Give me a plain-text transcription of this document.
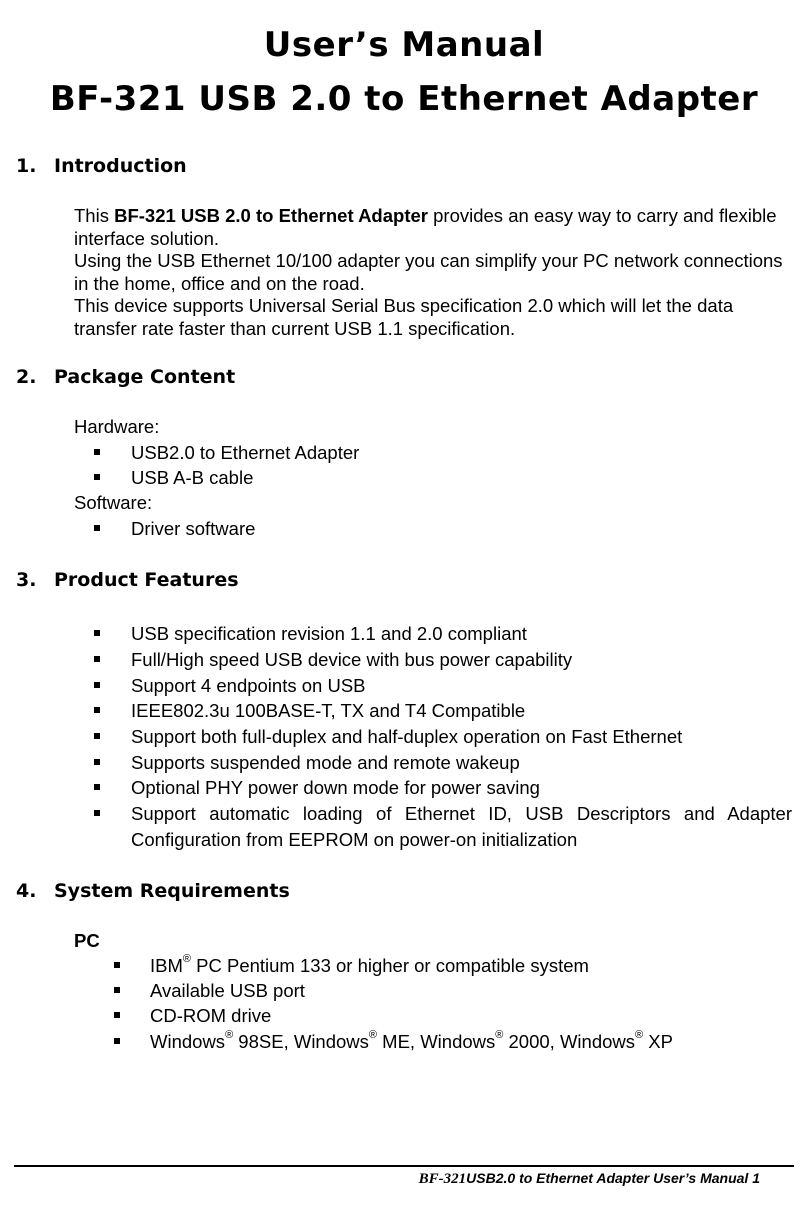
User’s Manual
BF-321 USB 2.0 to Ethernet Adapter
1. Introduction
This BF-321 USB 2.0 to Ethernet Adapter provides an easy way to carry and flexible interface solution.
Using the USB Ethernet 10/100 adapter you can simplify your PC network connections in the home, office and on the road.
This device supports Universal Serial Bus specification 2.0 which will let the data transfer rate faster than current USB 1.1 specification.
2. Package Content
Hardware:
USB2.0 to Ethernet Adapter
USB A-B cable
Software:
Driver software
3. Product Features
USB specification revision 1.1 and 2.0 compliant
Full/High speed USB device with bus power capability
Support 4 endpoints on USB
IEEE802.3u 100BASE-T, TX and T4 Compatible
Support both full-duplex and half-duplex operation on Fast Ethernet
Supports suspended mode and remote wakeup
Optional PHY power down mode for power saving
Support automatic loading of Ethernet ID, USB Descriptors and Adapter
Configuration from EEPROM on power-on initialization
4. System Requirements
PC
IBM® PC Pentium 133 or higher or compatible system
Available USB port
CD-ROM drive
Windows® 98SE, Windows® ME, Windows® 2000, Windows® XP
BF-321USB2.0 to Ethernet Adapter User’s Manual 1
